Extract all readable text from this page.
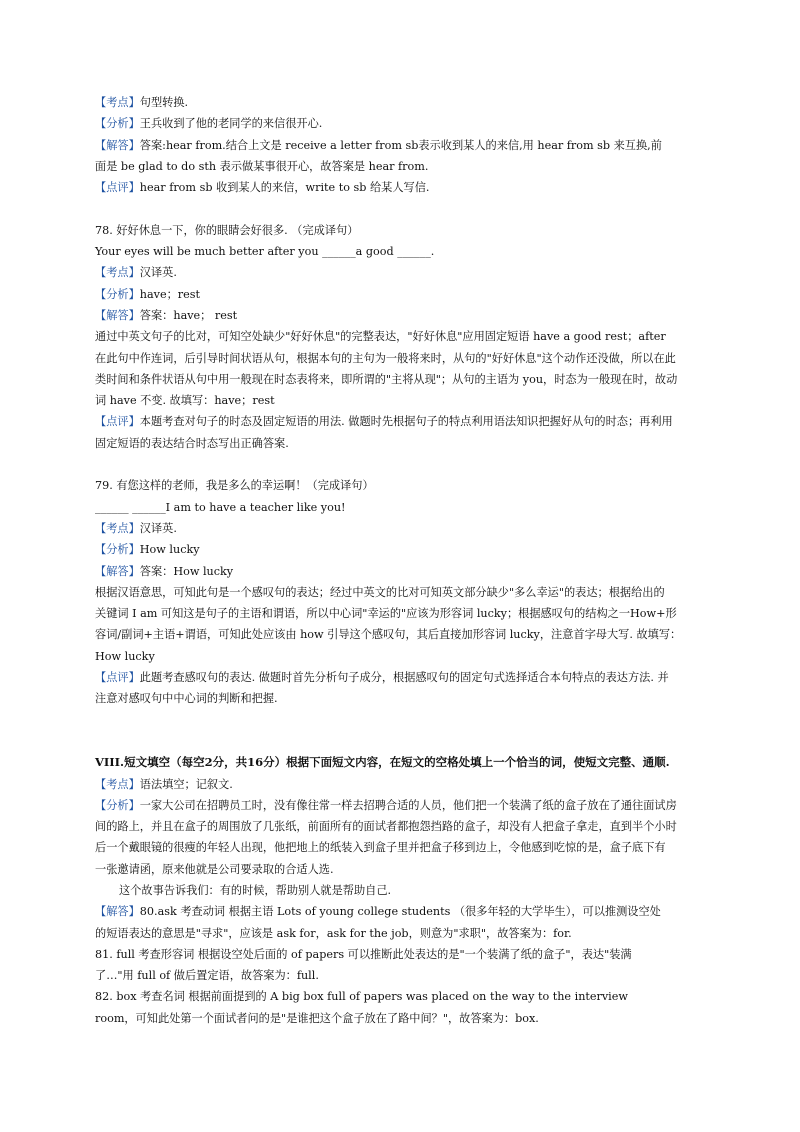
【考点】句型转换.
【分析】王兵收到了他的老同学的来信很开心.
【解答】答案:hear from.结合上文是 receive a letter from sb表示收到某人的来信,用 hear from sb 来互换,前
面是 be glad to do sth 表示做某事很开心，故答案是 hear from.
【点评】hear from sb 收到某人的来信，write to sb 给某人写信.
78. 好好休息一下，你的眼睛会好很多. （完成译句）
Your eyes will be much better after you ______a good ______.
【考点】汉译英.
【分析】have；rest
【解答】答案：have； rest
通过中英文句子的比对，可知空处缺少"好好休息"的完整表达，"好好休息"应用固定短语 have a good rest；after
在此句中作连词，后引导时间状语从句，根据本句的主句为一般将来时，从句的"好好休息"这个动作还没做，所以在此
类时间和条件状语从句中用一般现在时态表将来，即所谓的"主将从现"；从句的主语为 you，时态为一般现在时，故动
词 have 不变. 故填写：have；rest
【点评】本题考查对句子的时态及固定短语的用法. 做题时先根据句子的特点利用语法知识把握好从句的时态；再利用
固定短语的表达结合时态写出正确答案.
79. 有您这样的老师，我是多么的幸运啊！（完成译句）
______ ______I am to have a teacher like you!
【考点】汉译英.
【分析】How lucky
【解答】答案：How lucky
根据汉语意思，可知此句是一个感叹句的表达；经过中英文的比对可知英文部分缺少"多么幸运"的表达；根据给出的
关键词 I am 可知这是句子的主语和谓语，所以中心词"幸运的"应该为形容词 lucky；根据感叹句的结构之一How+形
容词/副词+主语+谓语，可知此处应该由 how 引导这个感叹句，其后直接加形容词 lucky，注意首字母大写. 故填写：
How lucky
【点评】此题考查感叹句的表达. 做题时首先分析句子成分，根据感叹句的固定句式选择适合本句特点的表达方法. 并
注意对感叹句中中心词的判断和把握.
VIII.短文填空（每空2分，共16分）根据下面短文内容，在短文的空格处填上一个恰当的词，使短文完整、通顺.
【考点】语法填空；记叙文.
【分析】一家大公司在招聘员工时，没有像往常一样去招聘合适的人员，他们把一个装满了纸的盒子放在了通往面试房
间的路上，并且在盒子的周围放了几张纸，前面所有的面试者都抱怨挡路的盒子，却没有人把盒子拿走，直到半个小时
后一个戴眼镜的很瘦的年轻人出现，他把地上的纸装入到盒子里并把盒子移到边上，令他感到吃惊的是，盒子底下有
一张邀请函，原来他就是公司要录取的合适人选.
这个故事告诉我们：有的时候，帮助别人就是帮助自己.
【解答】80.ask 考查动词 根据主语 Lots of young college students （很多年轻的大学毕生），可以推测设空处
的短语表达的意思是"寻求"，应该是 ask for，ask for the job，则意为"求职"，故答案为：for.
81. full 考查形容词 根据设空处后面的 of papers 可以推断此处表达的是"一个装满了纸的盒子"，表达"装满
了…"用 full of 做后置定语，故答案为：full.
82. box 考查名词 根据前面提到的 A big box full of papers was placed on the way to the interview
room，可知此处第一个面试者问的是"是谁把这个盒子放在了路中间？"，故答案为：box.
